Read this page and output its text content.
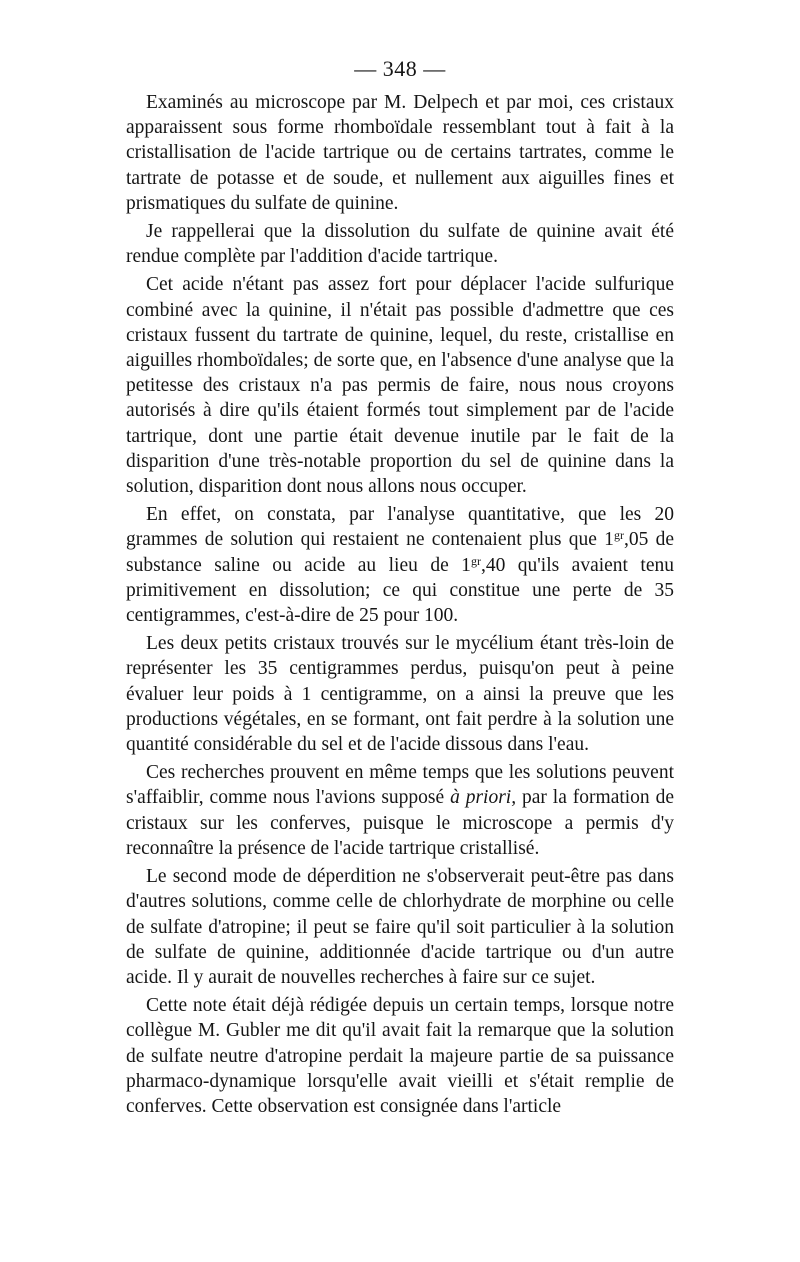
— 348 —

Examinés au microscope par M. Delpech et par moi, ces cristaux apparaissent sous forme rhomboïdale ressemblant tout à fait à la cristallisation de l'acide tartrique ou de certains tartrates, comme le tartrate de potasse et de soude, et nullement aux aiguilles fines et prismatiques du sulfate de quinine.

Je rappellerai que la dissolution du sulfate de quinine avait été rendue complète par l'addition d'acide tartrique.

Cet acide n'étant pas assez fort pour déplacer l'acide sulfurique combiné avec la quinine, il n'était pas possible d'admettre que ces cristaux fussent du tartrate de quinine, lequel, du reste, cristallise en aiguilles rhomboïdales; de sorte que, en l'absence d'une analyse que la petitesse des cristaux n'a pas permis de faire, nous nous croyons autorisés à dire qu'ils étaient formés tout simplement par de l'acide tartrique, dont une partie était devenue inutile par le fait de la disparition d'une très-notable proportion du sel de quinine dans la solution, disparition dont nous allons nous occuper.

En effet, on constata, par l'analyse quantitative, que les 20 grammes de solution qui restaient ne contenaient plus que $1^{gr},05$ de substance saline ou acide au lieu de $1^{gr},40$ qu'ils avaient tenu primitivement en dissolution; ce qui constitue une perte de 35 centigrammes, c'est-à-dire de 25 pour 100.

Les deux petits cristaux trouvés sur le mycélium étant très-loin de représenter les 35 centigrammes perdus, puisqu'on peut à peine évaluer leur poids à 1 centigramme, on a ainsi la preuve que les productions végétales, en se formant, ont fait perdre à la solution une quantité considérable du sel et de l'acide dissous dans l'eau.

Ces recherches prouvent en même temps que les solutions peuvent s'affaiblir, comme nous l'avions supposé à priori, par la formation de cristaux sur les conferves, puisque le microscope a permis d'y reconnaître la présence de l'acide tartrique cristallisé.

Le second mode de déperdition ne s'observerait peut-être pas dans d'autres solutions, comme celle de chlorhydrate de morphine ou celle de sulfate d'atropine; il peut se faire qu'il soit particulier à la solution de sulfate de quinine, additionnée d'acide tartrique ou d'un autre acide. Il y aurait de nouvelles recherches à faire sur ce sujet.

Cette note était déjà rédigée depuis un certain temps, lorsque notre collègue M. Gubler me dit qu'il avait fait la remarque que la solution de sulfate neutre d'atropine perdait la majeure partie de sa puissance pharmaco-dynamique lorsqu'elle avait vieilli et s'était remplie de conferves. Cette observation est consignée dans l'article
